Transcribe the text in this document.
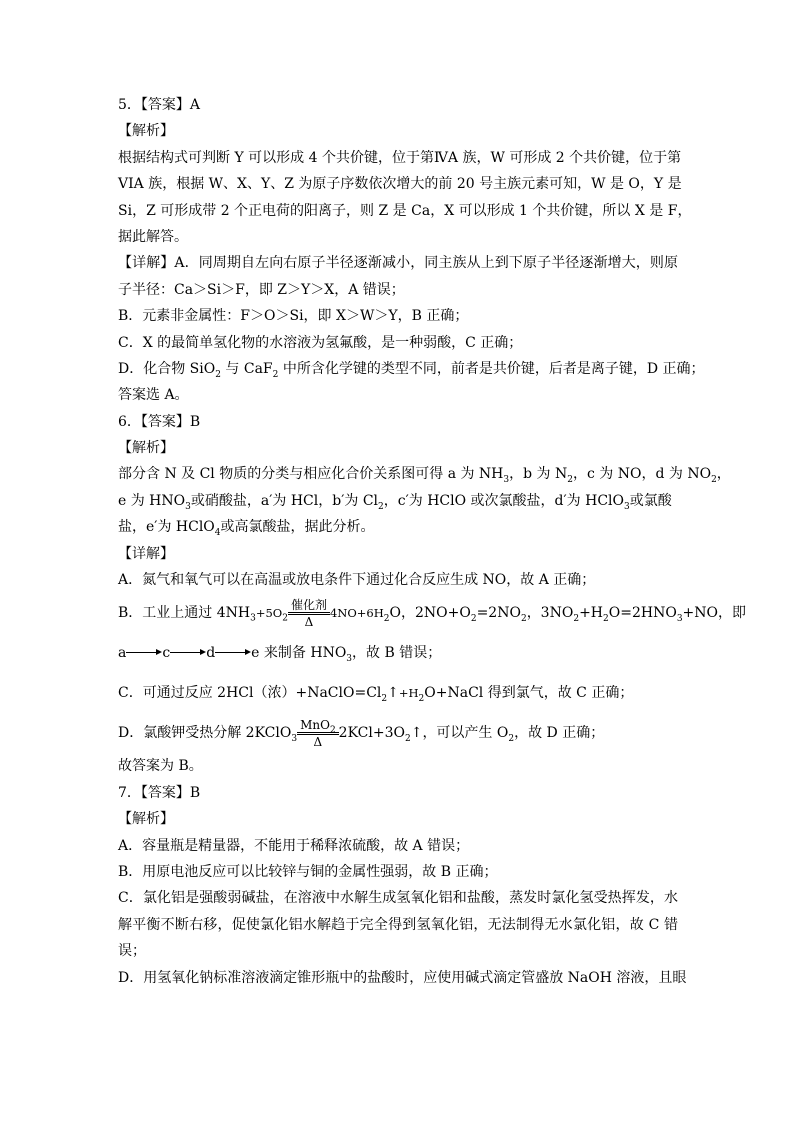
5．【答案】A
【解析】
根据结构式可判断 Y 可以形成 4 个共价键，位于第ⅣA 族，W 可形成 2 个共价键，位于第
VIA 族，根据 W、X、Y、Z 为原子序数依次增大的前 20 号主族元素可知，W 是 O，Y 是
Si，Z 可形成带 2 个正电荷的阳离子，则 Z 是 Ca，X 可以形成 1 个共价键，所以 X 是 F，
据此解答。
【详解】A．同周期自左向右原子半径逐渐减小，同主族从上到下原子半径逐渐增大，则原
子半径：Ca＞Si＞F，即 Z＞Y＞X，A 错误；
B．元素非金属性：F＞O＞Si，即 X＞W＞Y，B 正确；
C．X 的最简单氢化物的水溶液为氢氟酸，是一种弱酸，C 正确；
D．化合物 SiO$_2$ 与 CaF$_2$ 中所含化学键的类型不同，前者是共价键，后者是离子键，D 正确；
答案选 A。
6．【答案】B
【解析】
部分含 N 及 Cl 物质的分类与相应化合价关系图可得 a 为 $NH_3$，b 为 $N_2$，c 为 NO，d 为 $NO_2$，
e 为 $HNO_3$或硝酸盐，a′为 HCl，b′为 $Cl_2$，c′为 HClO 或次氯酸盐，d′为 HClO$_3$或氯酸
盐，e′为 HClO$_4$或高氯酸盐，据此分析。
【详解】
A．氮气和氧气可以在高温或放电条件下通过化合反应生成 NO，故 A 正确；
B．工业上通过 $4NH_3+5O_2 \frac{\text{催化剂}}{\Delta} 4NO+6H_2O$，$2NO+O_2=2NO_2$，$3NO_2+H_2O=2HNO_3+NO$，即
a	c	d	e 来制备 $HNO_3$，故 B 错误；
C．可通过反应 2HCl（浓）$+NaClO=Cl_2↑+H_2O+NaCl$ 得到氯气，故 C 正确；
D．氯酸钾受热分解 2KClO$_3$ $\frac{MnO_2}{\Delta}$ $2KCl+3O_2↑$，可以产生 $O_2$，故 D 正确；
故答案为 B。
7．【答案】B
【解析】
A．容量瓶是精量器，不能用于稀释浓硫酸，故 A 错误；
B．用原电池反应可以比较锌与铜的金属性强弱，故 B 正确；
C．氯化铝是强酸弱碱盐，在溶液中水解生成氢氧化铝和盐酸，蒸发时氯化氢受热挥发，水
解平衡不断右移，促使氯化铝水解趋于完全得到氢氧化铝，无法制得无水氯化铝，故 C 错
误；
D．用氢氧化钠标准溶液滴定锥形瓶中的盐酸时，应使用碱式滴定管盛放 NaOH 溶液，且眼
